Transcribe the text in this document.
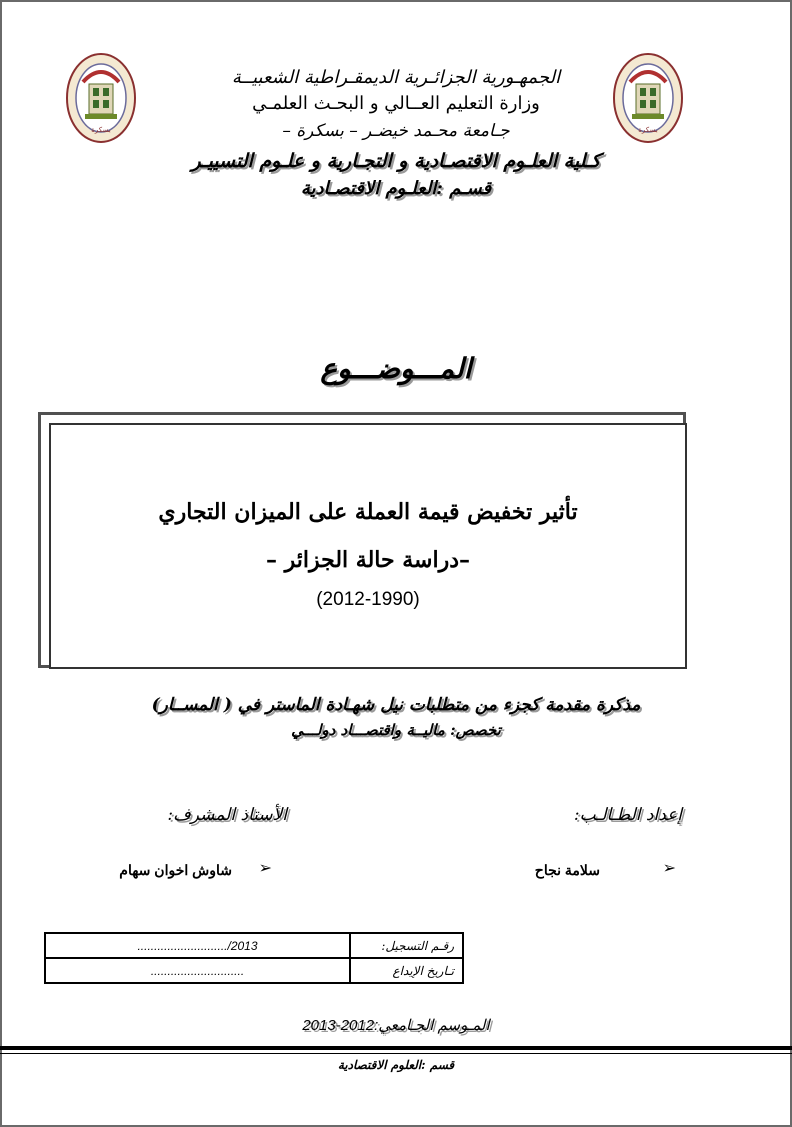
بسكرة	بسكرة
الجمهـورية الجزائـرية الديمقـراطية الشعبيــة
وزارة التعليم العــالي و البحـث العلمـي
جـامعة محـمد خيضـر – بسكرة –
كـلية العلـوم الاقتصـادية و التجـارية و علـوم التسييـر
قسـم :العلـوم الاقتصـادية
المـــوضـــوع
تأثير تخفيض قيمة العملة على الميزان التجاري
–دراسة حالة الجزائر –
(2012-1990)
مذكرة مقدمة كجزء من متطلبات نيل شهـادة الماستر في ( المســار)
تخصص: ماليــة واقتصـــاد دولـــي
إعداد الطـالـب:
الأستاذ المشرف:
➢
سلامة نجاح
➢
شاوش اخوان سهام
رقـم التسجيل:	2013/...........................
تـاريخ الإيداع	............................
المـوسم الجـامعي:2012-2013
قسم :العلوم الاقتصادية
